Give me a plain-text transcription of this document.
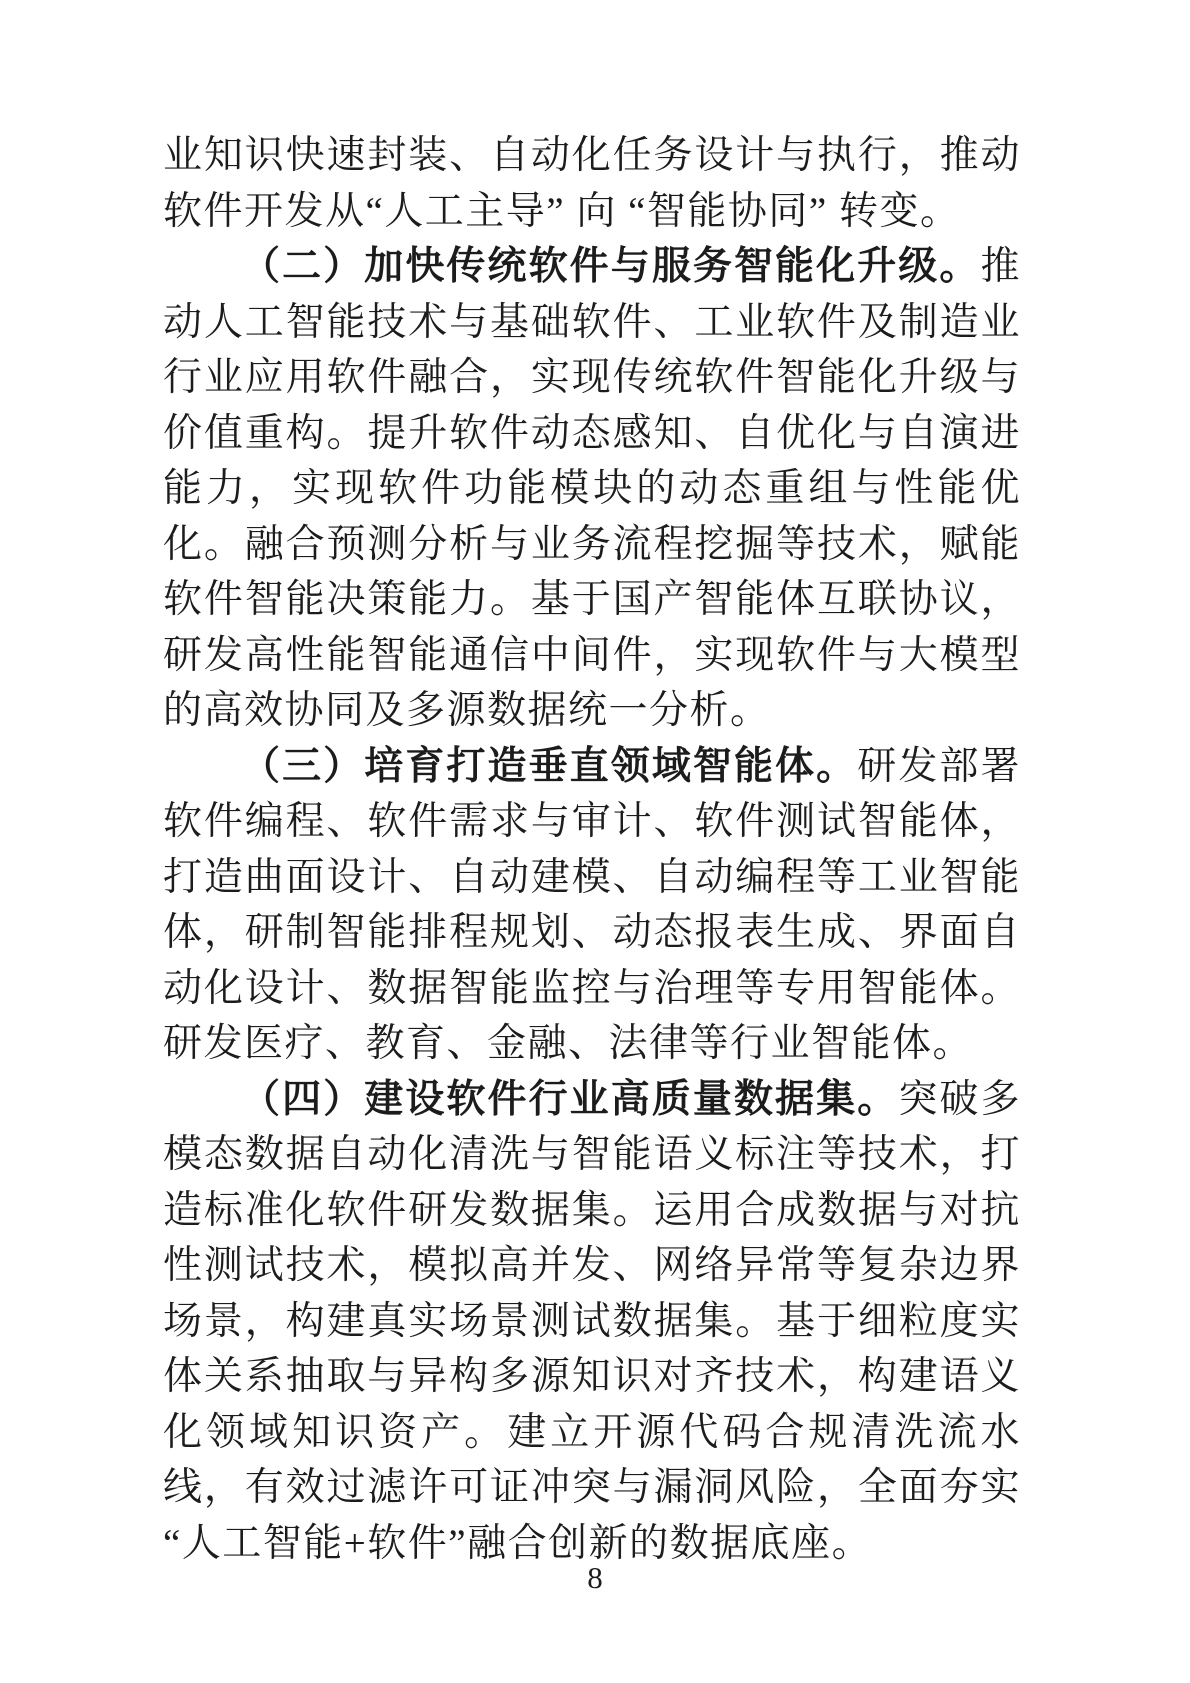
业知识快速封装、自动化任务设计与执行，推动软件开发从“人工主导” 向 “智能协同” 转变。

（二）加快传统软件与服务智能化升级。推动人工智能技术与基础软件、工业软件及制造业行业应用软件融合，实现传统软件智能化升级与价值重构。提升软件动态感知、自优化与自演进能力，实现软件功能模块的动态重组与性能优化。融合预测分析与业务流程挖掘等技术，赋能软件智能决策能力。基于国产智能体互联协议，研发高性能智能通信中间件，实现软件与大模型的高效协同及多源数据统一分析。

（三）培育打造垂直领域智能体。研发部署软件编程、软件需求与审计、软件测试智能体，打造曲面设计、自动建模、自动编程等工业智能体，研制智能排程规划、动态报表生成、界面自动化设计、数据智能监控与治理等专用智能体。研发医疗、教育、金融、法律等行业智能体。

（四）建设软件行业高质量数据集。突破多模态数据自动化清洗与智能语义标注等技术，打造标准化软件研发数据集。运用合成数据与对抗性测试技术，模拟高并发、网络异常等复杂边界场景，构建真实场景测试数据集。基于细粒度实体关系抽取与异构多源知识对齐技术，构建语义化领域知识资产。建立开源代码合规清洗流水线，有效过滤许可证冲突与漏洞风险，全面夯实“人工智能+软件”融合创新的数据底座。

8
